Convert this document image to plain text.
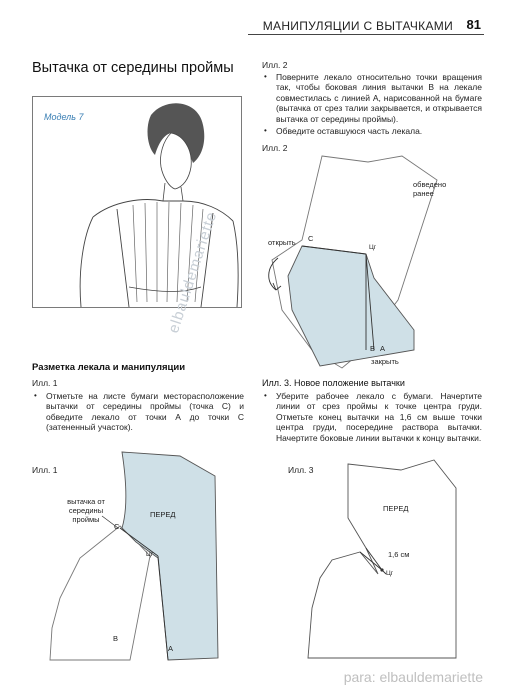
МАНИПУЛЯЦИИ С ВЫТАЧКАМИ 81
Вытачка от середины проймы
Модель 7
Илл. 2
• Поверните лекало относительно точки вращения так, чтобы боковая линия вытачки В на лекале совместилась с линией А, нарисованной на бумаге (вытачка от срез талии закрывается, и открывается вытачка от середины проймы).
• Обведите оставшуюся часть лекала.
Илл. 2
обведено ранее
открыть C
Цг
B A
закрыть
Разметка лекала и манипуляции
Илл. 1
• Отметьте на листе бумаги месторасположение вытачки от середины проймы (точка С) и обведите лекало от точки А до точки С (затененный участок).
Илл. 3. Новое положение вытачки
• Уберите рабочее лекало с бумаги. Начертите линии от срез проймы к точке центра груди. Отметьте конец вытачки на 1,6 см выше точки центра груди, посередине раствора вытачки. Начертите боковые линии вытачки к концу вытачки.
Илл. 1
вытачка от середины проймы
ПЕРЕД
C
Цг
B
A
Илл. 3
ПЕРЕД
1,6 см
Цг
elbauldemariette
para: elbauldemariette
